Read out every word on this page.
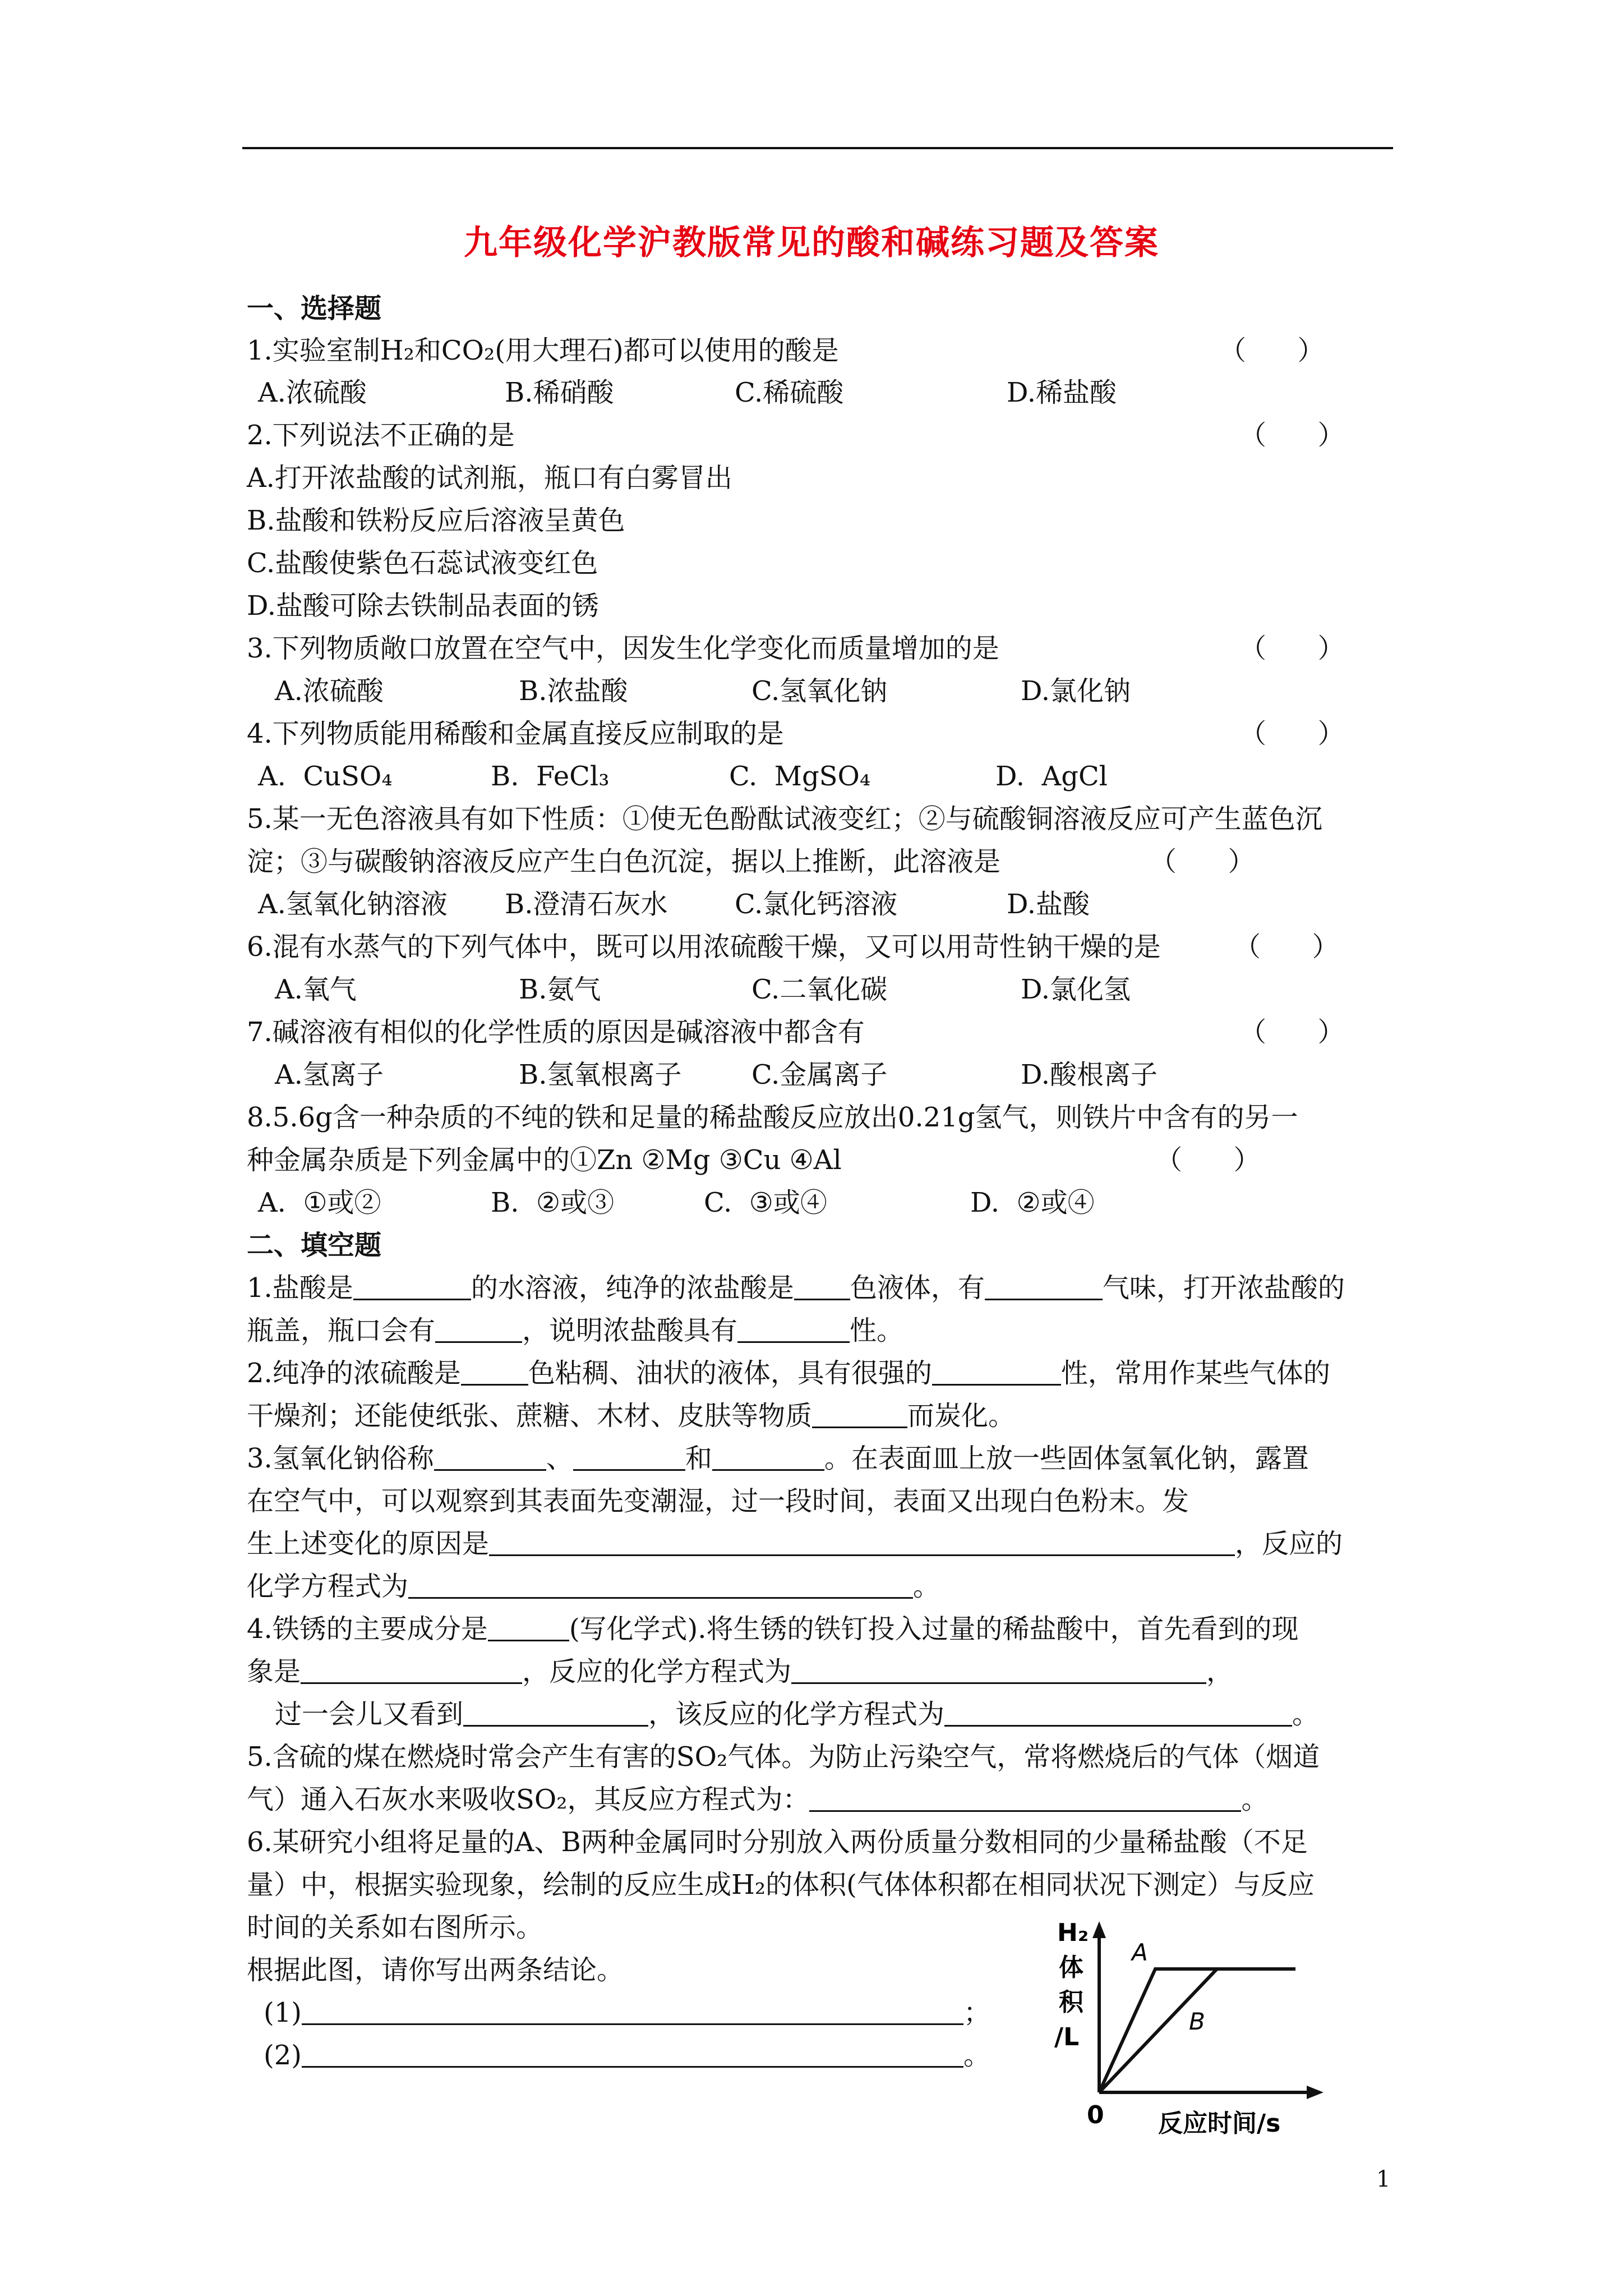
九年级化学沪教版常见的酸和碱练习题及答案
一、选择题
1.实验室制H₂和CO₂(用大理石)都可以使用的酸是	（      ）
A.浓硫酸	B.稀硝酸	C.稀硫酸	D.稀盐酸
2.下列说法不正确的是	（      ）
A.打开浓盐酸的试剂瓶，瓶口有白雾冒出
B.盐酸和铁粉反应后溶液呈黄色
C.盐酸使紫色石蕊试液变红色
D.盐酸可除去铁制品表面的锈
3.下列物质敞口放置在空气中，因发生化学变化而质量增加的是	（      ）
A.浓硫酸	B.浓盐酸	C.氢氧化钠	D.氯化钠
4.下列物质能用稀酸和金属直接反应制取的是	（      ）
A.  CuSO₄	B.  FeCl₃	C.  MgSO₄	D.  AgCl
5.某一无色溶液具有如下性质：①使无色酚酞试液变红；②与硫酸铜溶液反应可产生蓝色沉
淀；③与碳酸钠溶液反应产生白色沉淀，据以上推断，此溶液是	（      ）
A.氢氧化钠溶液 B.澄清石灰水 C.氯化钙溶液	D.盐酸
6.混有水蒸气的下列气体中，既可以用浓硫酸干燥，又可以用苛性钠干燥的是	（      ）
A.氧气	B.氨气	C.二氧化碳	D.氯化氢
7.碱溶液有相似的化学性质的原因是碱溶液中都含有	（      ）
A.氢离子	B.氢氧根离子	C.金属离子	D.酸根离子
8.5.6g含一种杂质的不纯的铁和足量的稀盐酸反应放出0.21g氢气，则铁片中含有的另一
种金属杂质是下列金属中的①Zn ②Mg ③Cu ④Al	（      ）
A.  ①或②	B.  ②或③	C.  ③或④	D.  ②或④
二、填空题
1.盐酸是	的水溶液，纯净的浓盐酸是 色液体，有	气味，打开浓盐酸的
瓶盖，瓶口会有	，说明浓盐酸具有	性。
2.纯净的浓硫酸是	色粘稠、油状的液体，具有很强的	性，常用作某些气体的
干燥剂；还能使纸张、蔗糖、木材、皮肤等物质	而炭化。
3.氢氧化钠俗称	、	和	。在表面皿上放一些固体氢氧化钠，露置
在空气中，可以观察到其表面先变潮湿，过一段时间，表面又出现白色粉末。发
生上述变化的原因是	，反应的
化学方程式为	。
4.铁锈的主要成分是	(写化学式).将生锈的铁钉投入过量的稀盐酸中，首先看到的现
象是	，反应的化学方程式为	，
过一会儿又看到	，该反应的化学方程式为	。
5.含硫的煤在燃烧时常会产生有害的SO₂气体。为防止污染空气，常将燃烧后的气体（烟道
气）通入石灰水来吸收SO₂，其反应方程式为：	。
6.某研究小组将足量的A、B两种金属同时分别放入两份质量分数相同的少量稀盐酸（不足
量）中，根据实验现象，绘制的反应生成H₂的体积(气体体积都在相同状况下测定）与反应
时间的关系如右图所示。
根据此图，请你写出两条结论。
(1)	；
(2)	。
H₂
体
积
/L
0 反应时间/s
A
B
1
